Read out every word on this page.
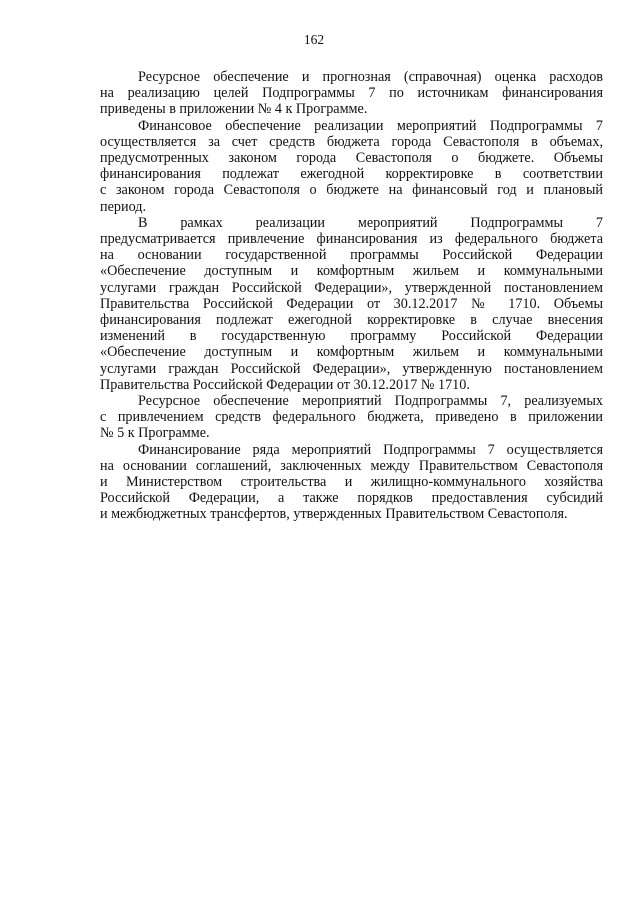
162
Ресурсное обеспечение и прогнозная (справочная) оценка расходов
на реализацию целей Подпрограммы 7 по источникам финансирования
приведены в приложении № 4 к Программе.
Финансовое обеспечение реализации мероприятий Подпрограммы 7
осуществляется за счет средств бюджета города Севастополя в объемах,
предусмотренных законом города Севастополя о бюджете. Объемы
финансирования подлежат ежегодной корректировке в соответствии
с законом города Севастополя о бюджете на финансовый год и плановый
период.
В рамках реализации мероприятий Подпрограммы 7
предусматривается привлечение финансирования из федерального бюджета
на основании государственной программы Российской Федерации
«Обеспечение доступным и комфортным жильем и коммунальными
услугами граждан Российской Федерации», утвержденной постановлением
Правительства Российской Федерации от 30.12.2017 № 1710. Объемы
финансирования подлежат ежегодной корректировке в случае внесения
изменений в государственную программу Российской Федерации
«Обеспечение доступным и комфортным жильем и коммунальными
услугами граждан Российской Федерации», утвержденную постановлением
Правительства Российской Федерации от 30.12.2017 № 1710.
Ресурсное обеспечение мероприятий Подпрограммы 7, реализуемых
с привлечением средств федерального бюджета, приведено в приложении
№ 5 к Программе.
Финансирование ряда мероприятий Подпрограммы 7 осуществляется
на основании соглашений, заключенных между Правительством Севастополя
и Министерством строительства и жилищно-коммунального хозяйства
Российской Федерации, а также порядков предоставления субсидий
и межбюджетных трансфертов, утвержденных Правительством Севастополя.
